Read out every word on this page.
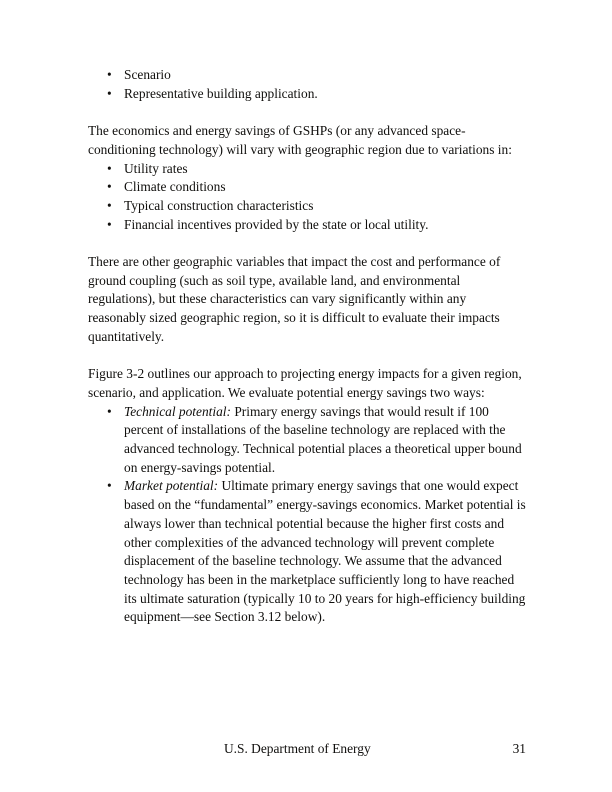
• Scenario
• Representative building application.

The economics and energy savings of GSHPs (or any advanced space-conditioning technology) will vary with geographic region due to variations in:

• Utility rates
• Climate conditions
• Typical construction characteristics
• Financial incentives provided by the state or local utility.

There are other geographic variables that impact the cost and performance of ground coupling (such as soil type, available land, and environmental regulations), but these characteristics can vary significantly within any reasonably sized geographic region, so it is difficult to evaluate their impacts quantitatively.

Figure 3-2 outlines our approach to projecting energy impacts for a given region, scenario, and application. We evaluate potential energy savings two ways:

• Technical potential: Primary energy savings that would result if 100 percent of installations of the baseline technology are replaced with the advanced technology. Technical potential places a theoretical upper bound on energy-savings potential.
• Market potential: Ultimate primary energy savings that one would expect based on the “fundamental” energy-savings economics. Market potential is always lower than technical potential because the higher first costs and other complexities of the advanced technology will prevent complete displacement of the baseline technology. We assume that the advanced technology has been in the marketplace sufficiently long to have reached its ultimate saturation (typically 10 to 20 years for high-efficiency building equipment—see Section 3.12 below).
U.S. Department of Energy	31
